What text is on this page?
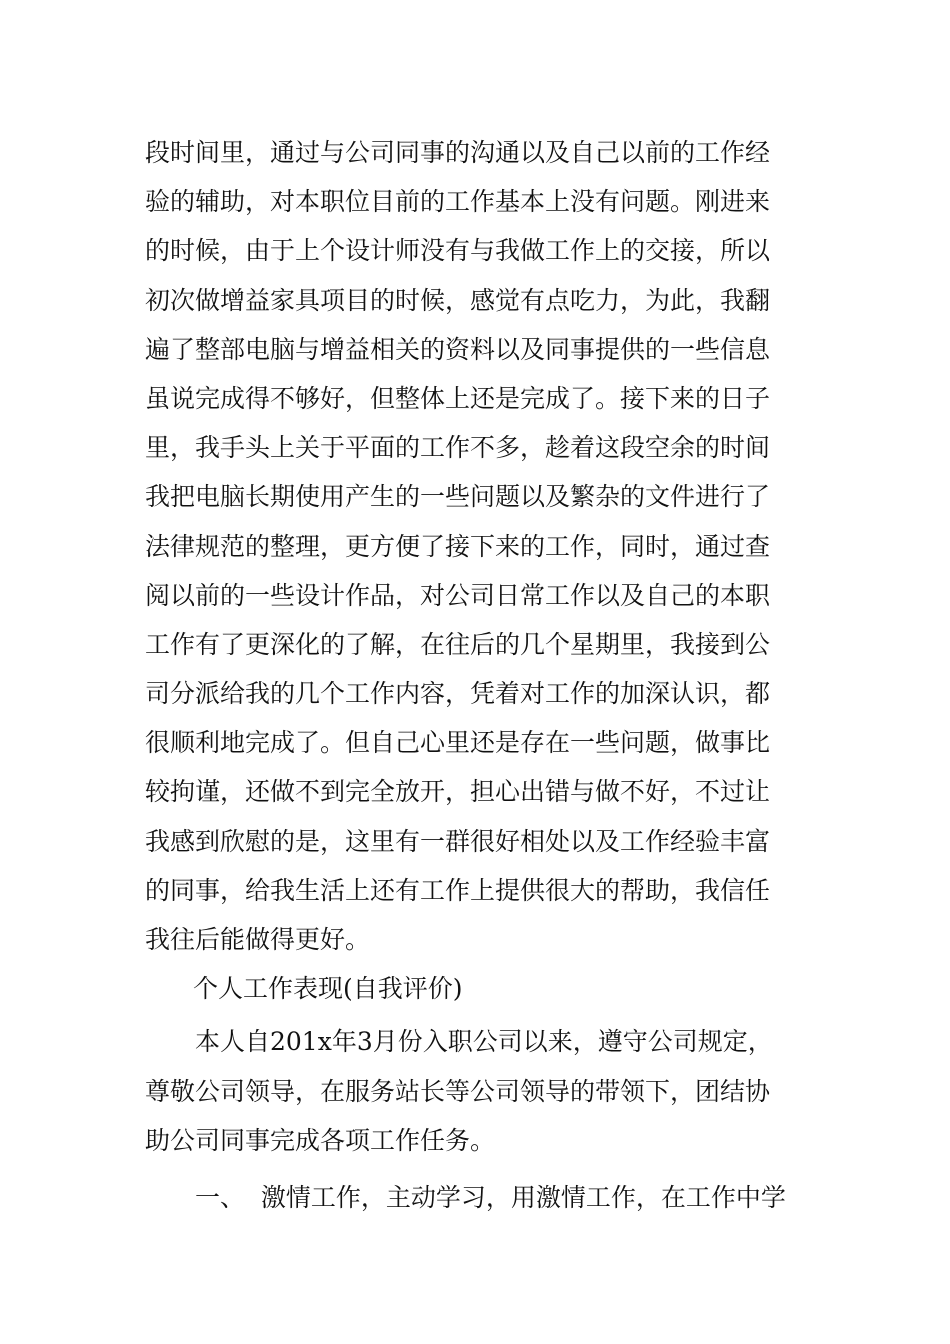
段时间里，通过与公司同事的沟通以及自己以前的工作经
验的辅助，对本职位目前的工作基本上没有问题。刚进来
的时候，由于上个设计师没有与我做工作上的交接，所以
初次做增益家具项目的时候，感觉有点吃力，为此，我翻
遍了整部电脑与增益相关的资料以及同事提供的一些信息
虽说完成得不够好，但整体上还是完成了。接下来的日子
里，我手头上关于平面的工作不多，趁着这段空余的时间
我把电脑长期使用产生的一些问题以及繁杂的文件进行了
法律规范的整理，更方便了接下来的工作，同时，通过查
阅以前的一些设计作品，对公司日常工作以及自己的本职
工作有了更深化的了解，在往后的几个星期里，我接到公
司分派给我的几个工作内容，凭着对工作的加深认识，都
很顺利地完成了。但自己心里还是存在一些问题，做事比
较拘谨，还做不到完全放开，担心出错与做不好，不过让
我感到欣慰的是，这里有一群很好相处以及工作经验丰富
的同事，给我生活上还有工作上提供很大的帮助，我信任
我往后能做得更好。
个人工作表现(自我评价)
本人自201x年3月份入职公司以来，遵守公司规定，
尊敬公司领导，在服务站长等公司领导的带领下，团结协
助公司同事完成各项工作任务。
一、  激情工作，主动学习，用激情工作，在工作中学
